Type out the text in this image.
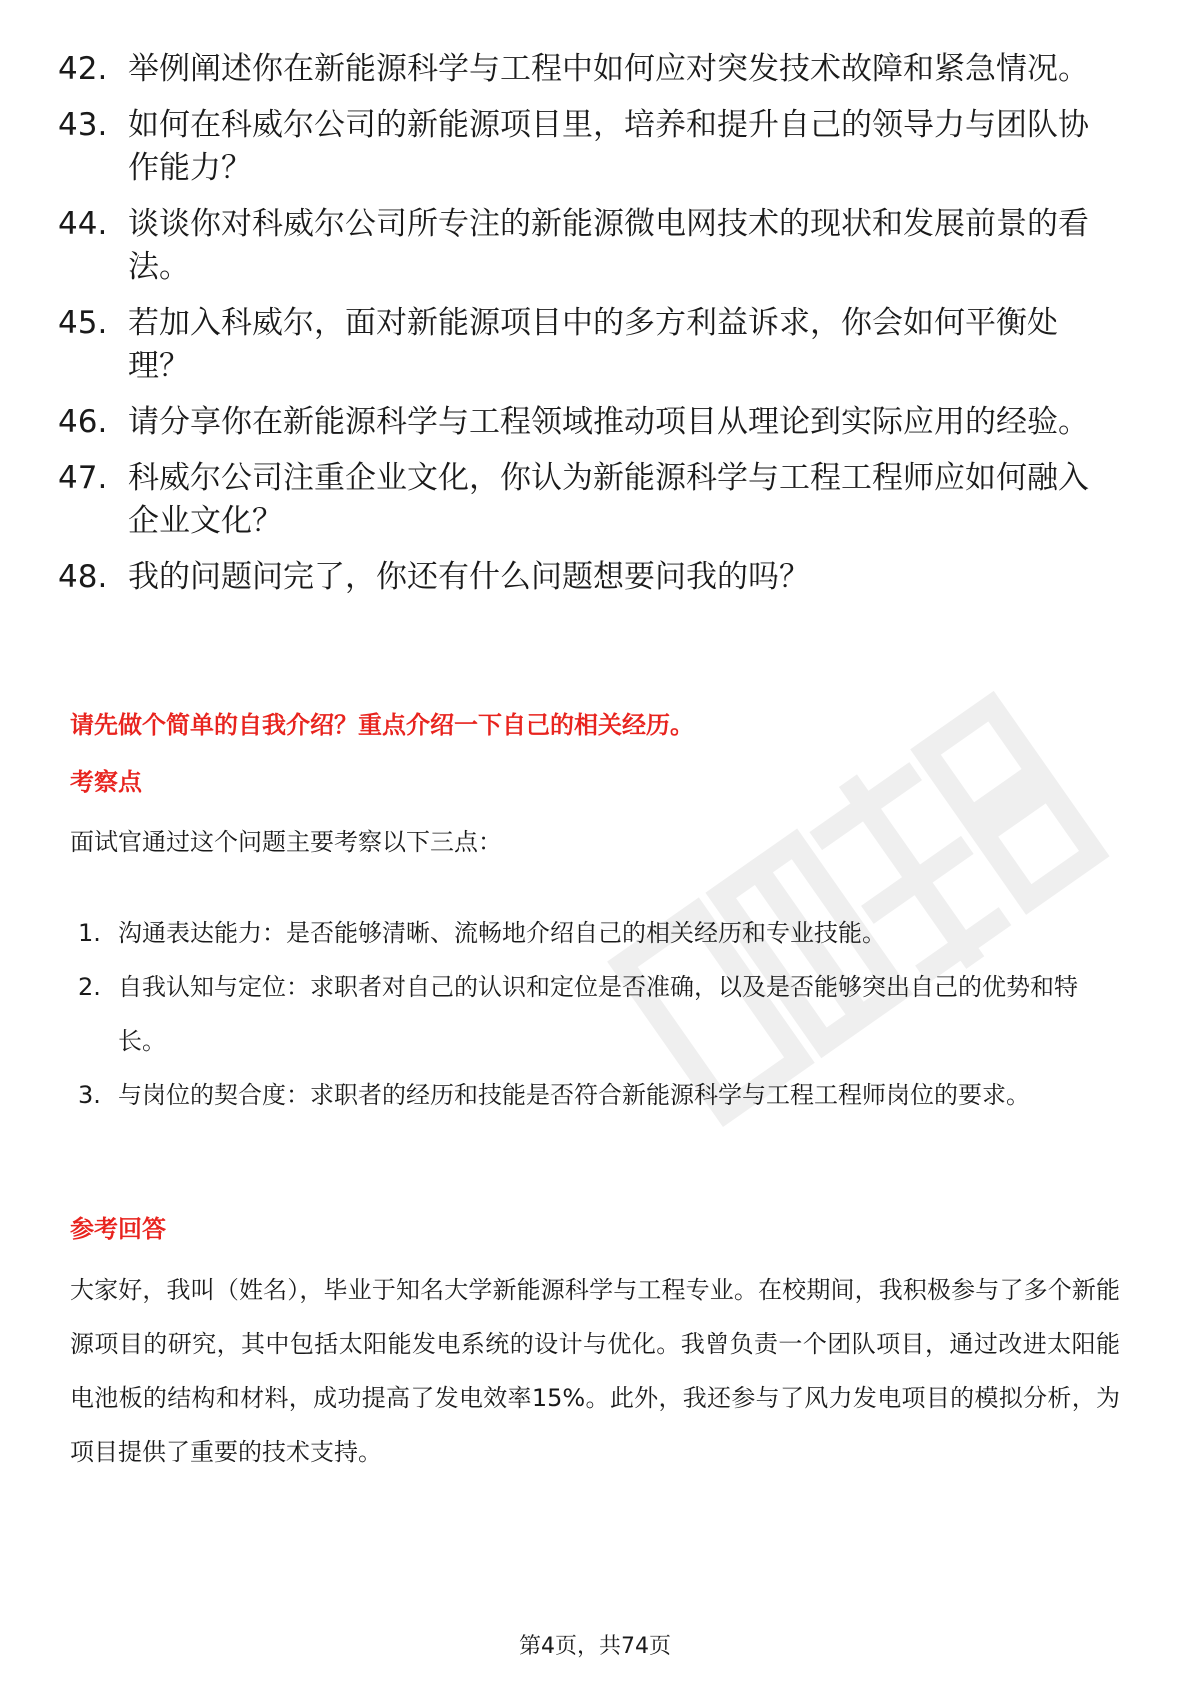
42. 举例阐述你在新能源科学与工程中如何应对突发技术故障和紧急情况。
43. 如何在科威尔公司的新能源项目里，培养和提升自己的领导力与团队协作能力？
44. 谈谈你对科威尔公司所专注的新能源微电网技术的现状和发展前景的看法。
45. 若加入科威尔，面对新能源项目中的多方利益诉求，你会如何平衡处理？
46. 请分享你在新能源科学与工程领域推动项目从理论到实际应用的经验。
47. 科威尔公司注重企业文化，你认为新能源科学与工程工程师应如何融入企业文化？
48. 我的问题问完了，你还有什么问题想要问我的吗？
请先做个简单的自我介绍？重点介绍一下自己的相关经历。
考察点
面试官通过这个问题主要考察以下三点：
1. 沟通表达能力：是否能够清晰、流畅地介绍自己的相关经历和专业技能。
2. 自我认知与定位：求职者对自己的认识和定位是否准确，以及是否能够突出自己的优势和特长。
3. 与岗位的契合度：求职者的经历和技能是否符合新能源科学与工程工程师岗位的要求。
参考回答
大家好，我叫（姓名），毕业于知名大学新能源科学与工程专业。在校期间，我积极参与了多个新能源项目的研究，其中包括太阳能发电系统的设计与优化。我曾负责一个团队项目，通过改进太阳能电池板的结构和材料，成功提高了发电效率15%。此外，我还参与了风力发电项目的模拟分析，为项目提供了重要的技术支持。
第4页，共74页
